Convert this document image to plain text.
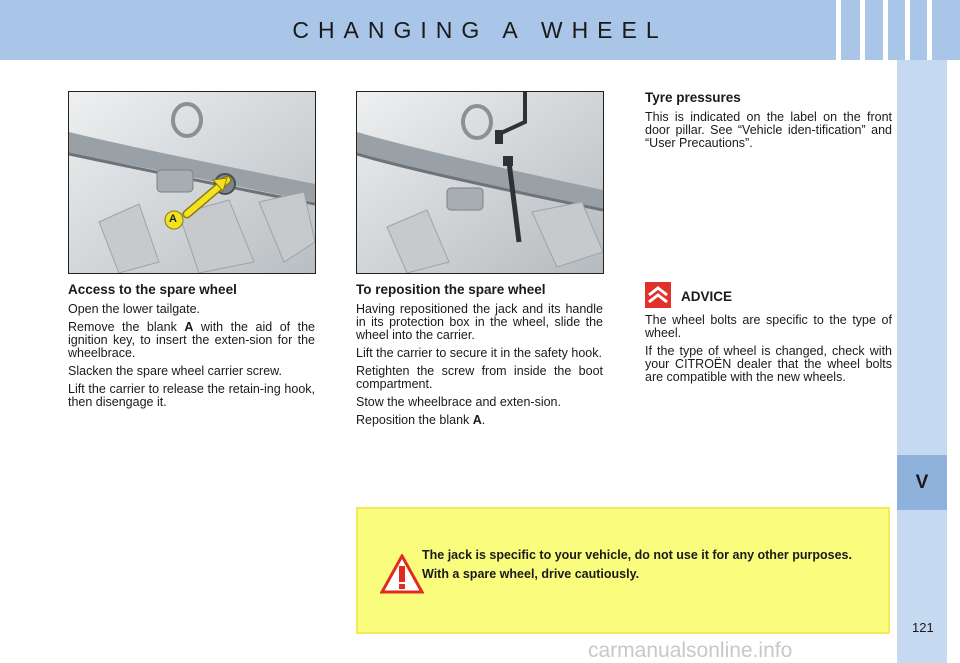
CHANGING A WHEEL
V
A
Access to the spare wheel

Open the lower tailgate.

Remove the blank A with the aid of the ignition key, to insert the exten-sion for the wheelbrace.

Slacken the spare wheel carrier screw.

Lift the carrier to release the retain-ing hook, then disengage it.

To reposition the spare wheel

Having repositioned the jack and its handle in its protection box in the wheel, slide the wheel into the carrier.

Lift the carrier to secure it in the safety hook.

Retighten the screw from inside the boot compartment.

Stow the wheelbrace and exten-sion.

Reposition the blank A.

Tyre pressures

This is indicated on the label on the front door pillar. See “Vehicle iden-tification” and “User Precautions”.

ADVICE

The wheel bolts are specific to the type of wheel.

If the type of wheel is changed, check with your CITROËN dealer that the wheel bolts are compatible with the new wheels.

The jack is specific to your vehicle, do not use it for any other purposes.

With a spare wheel, drive cautiously.

121
carmanualsonline.info
